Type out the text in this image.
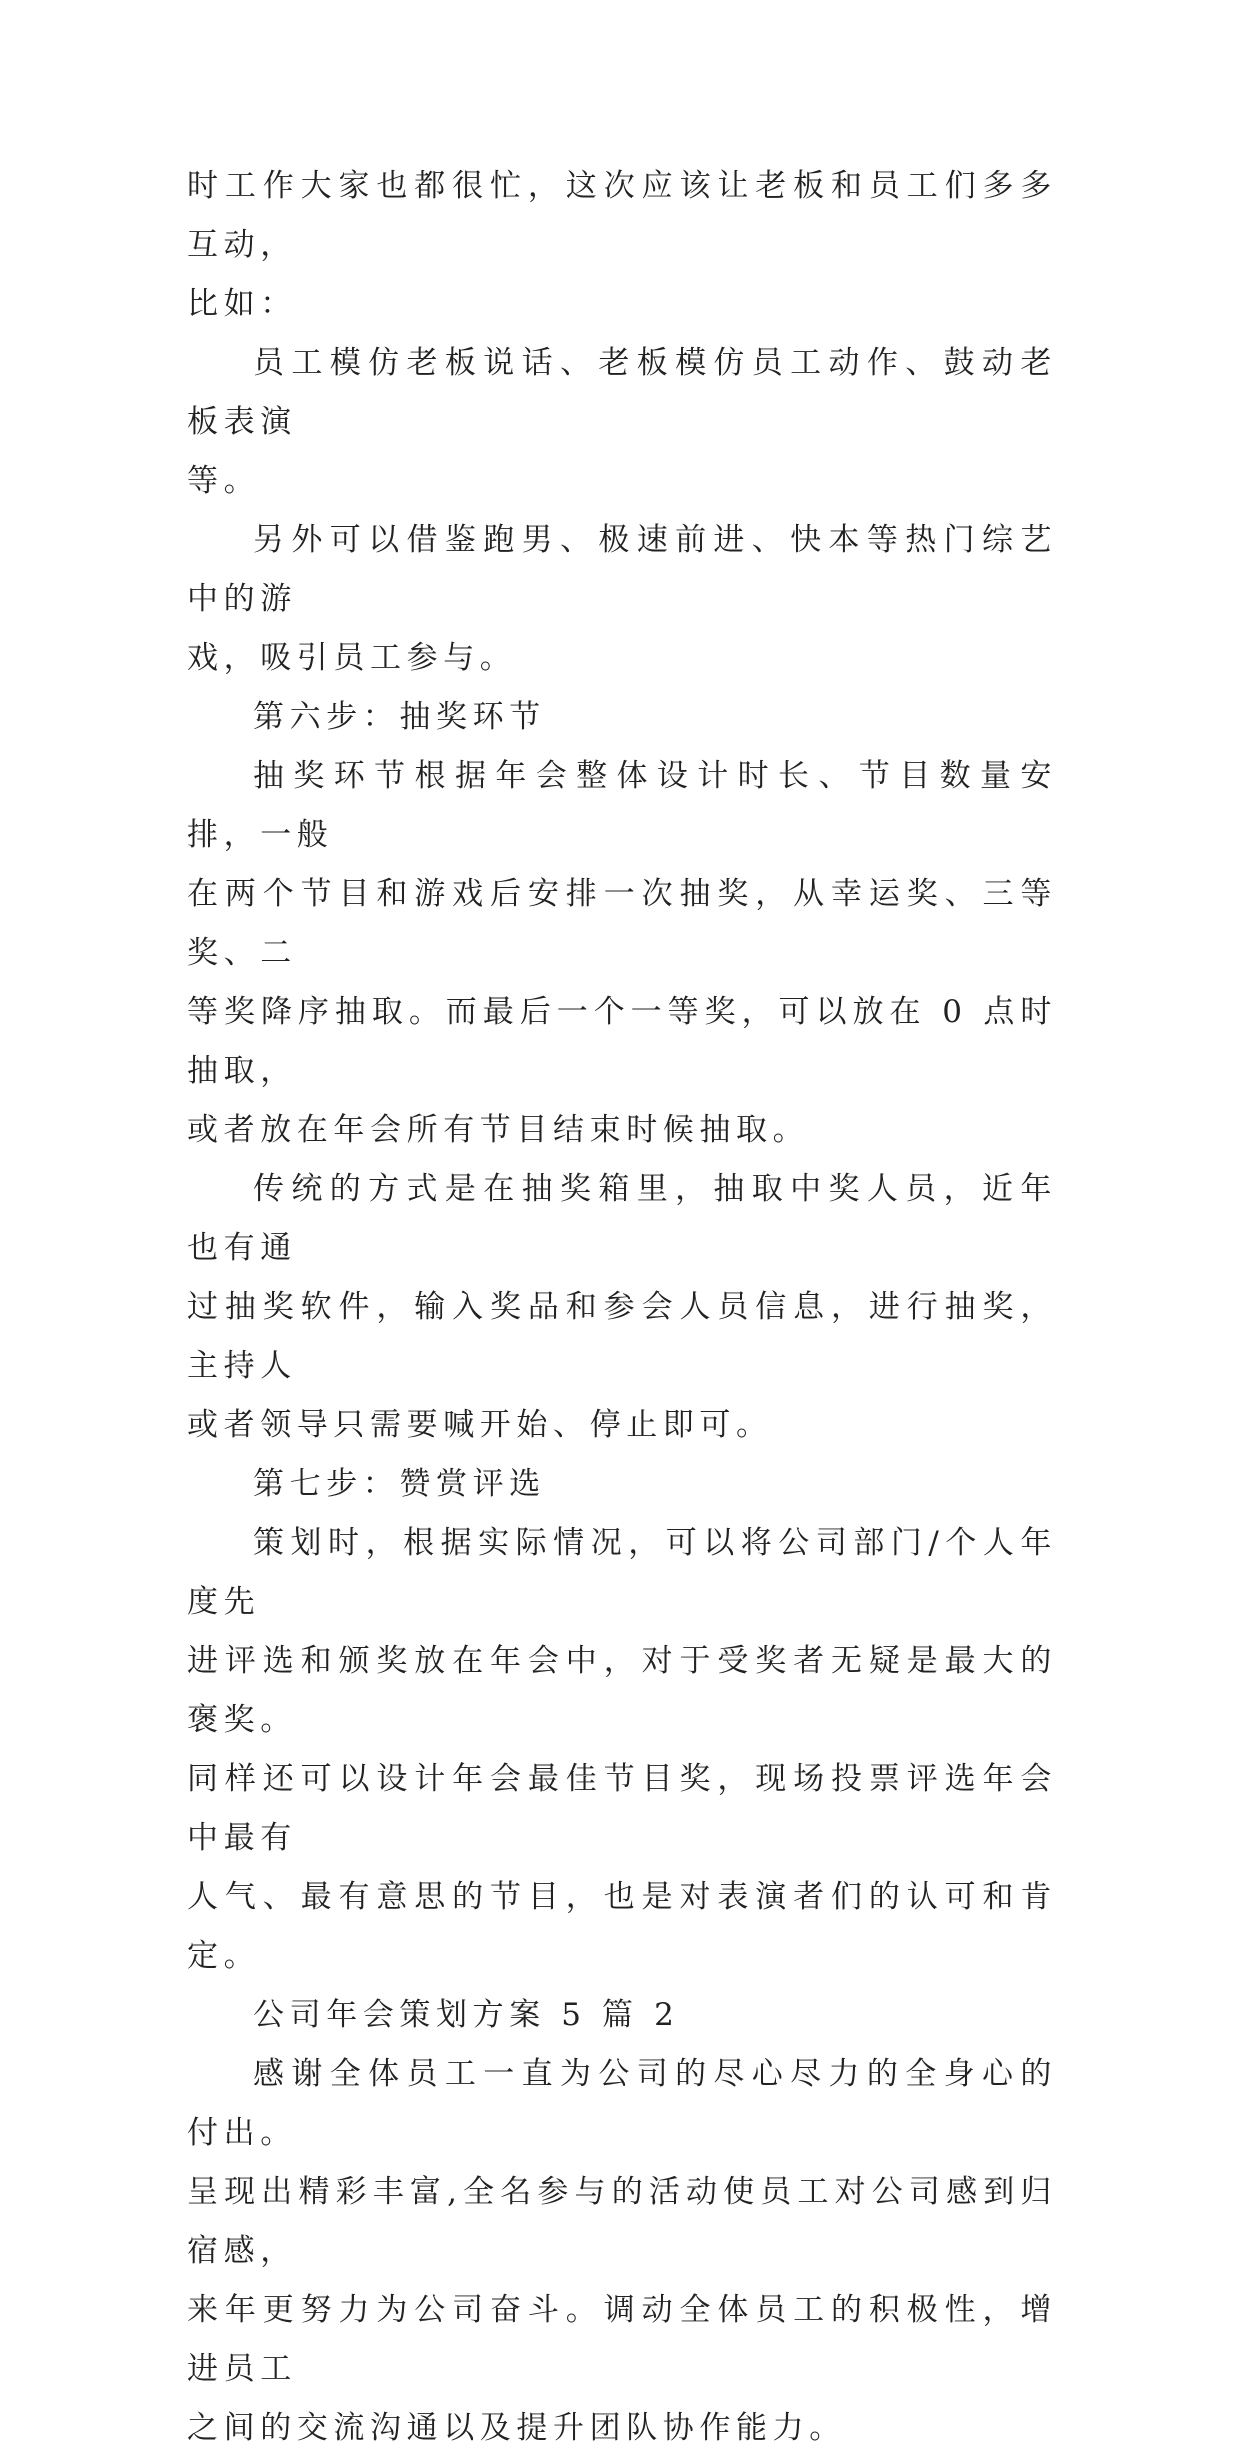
时工作大家也都很忙，这次应该让老板和员工们多多互动，
比如：

员工模仿老板说话、老板模仿员工动作、鼓动老板表演
等。

另外可以借鉴跑男、极速前进、快本等热门综艺中的游
戏，吸引员工参与。

第六步：抽奖环节

抽奖环节根据年会整体设计时长、节目数量安排，一般
在两个节目和游戏后安排一次抽奖，从幸运奖、三等奖、二
等奖降序抽取。而最后一个一等奖，可以放在 0 点时抽取，
或者放在年会所有节目结束时候抽取。

传统的方式是在抽奖箱里，抽取中奖人员，近年也有通
过抽奖软件，输入奖品和参会人员信息，进行抽奖，主持人
或者领导只需要喊开始、停止即可。

第七步：赞赏评选

策划时，根据实际情况，可以将公司部门/个人年度先
进评选和颁奖放在年会中，对于受奖者无疑是最大的褒奖。
同样还可以设计年会最佳节目奖，现场投票评选年会中最有
人气、最有意思的节目，也是对表演者们的认可和肯定。

公司年会策划方案 5 篇 2

感谢全体员工一直为公司的尽心尽力的全身心的付出。
呈现出精彩丰富,全名参与的活动使员工对公司感到归宿感，
来年更努力为公司奋斗。调动全体员工的积极性，增进员工
之间的交流沟通以及提升团队协作能力。
